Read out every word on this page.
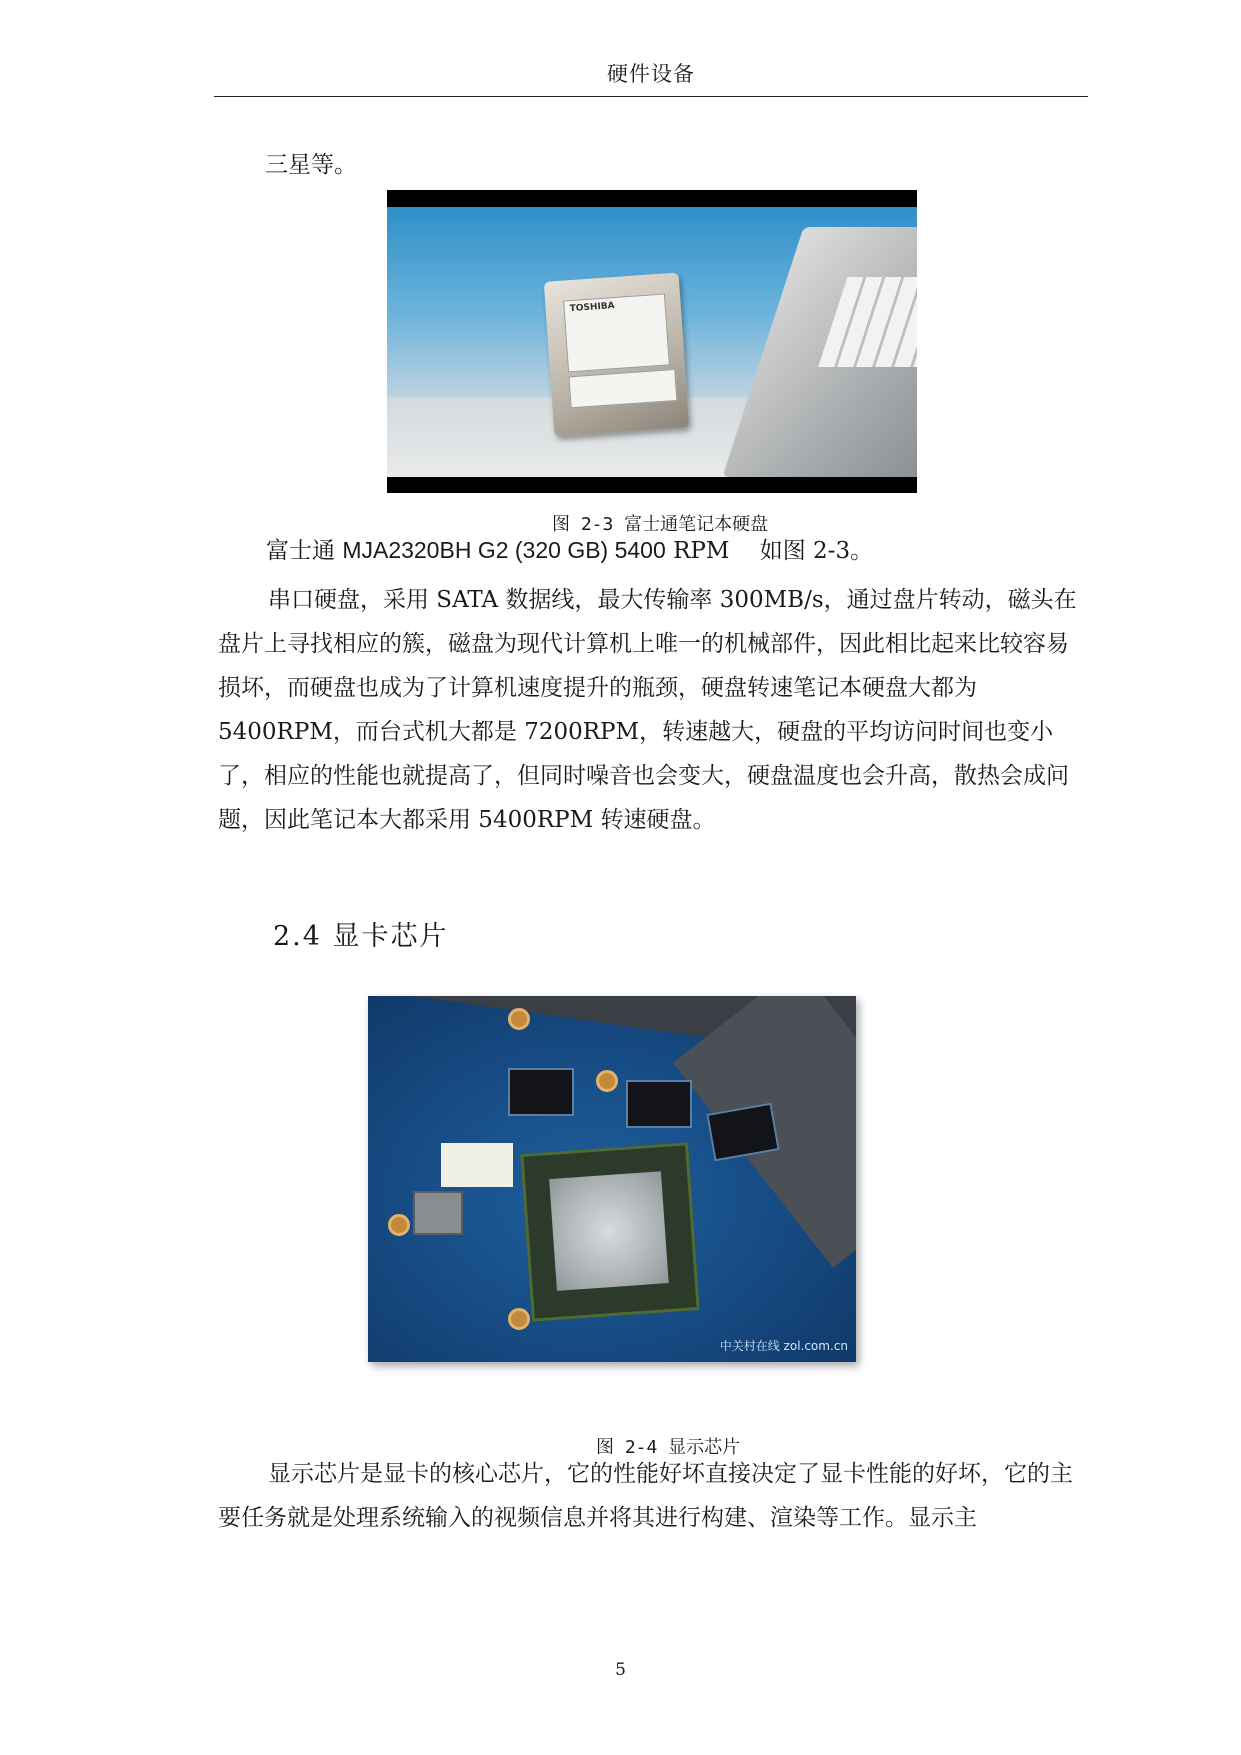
硬件设备
三星等。
TOSHIBA
图 2-3 富士通笔记本硬盘

富士通 MJA2320BH G2 (320 GB) 5400 RPM　 如图 2-3。

串口硬盘，采用 SATA 数据线，最大传输率 300MB/s，通过盘片转动，磁头在盘片上寻找相应的簇，磁盘为现代计算机上唯一的机械部件，因此相比起来比较容易损坏，而硬盘也成为了计算机速度提升的瓶颈，硬盘转速笔记本硬盘大都为 5400RPM，而台式机大都是 7200RPM，转速越大，硬盘的平均访问时间也变小了，相应的性能也就提高了，但同时噪音也会变大，硬盘温度也会升高，散热会成问题，因此笔记本大都采用 5400RPM 转速硬盘。

2.4 显卡芯片
中关村在线 zol.com.cn
图 2-4 显示芯片

显示芯片是显卡的核心芯片，它的性能好坏直接决定了显卡性能的好坏，它的主要任务就是处理系统输入的视频信息并将其进行构建、渲染等工作。显示主

5
